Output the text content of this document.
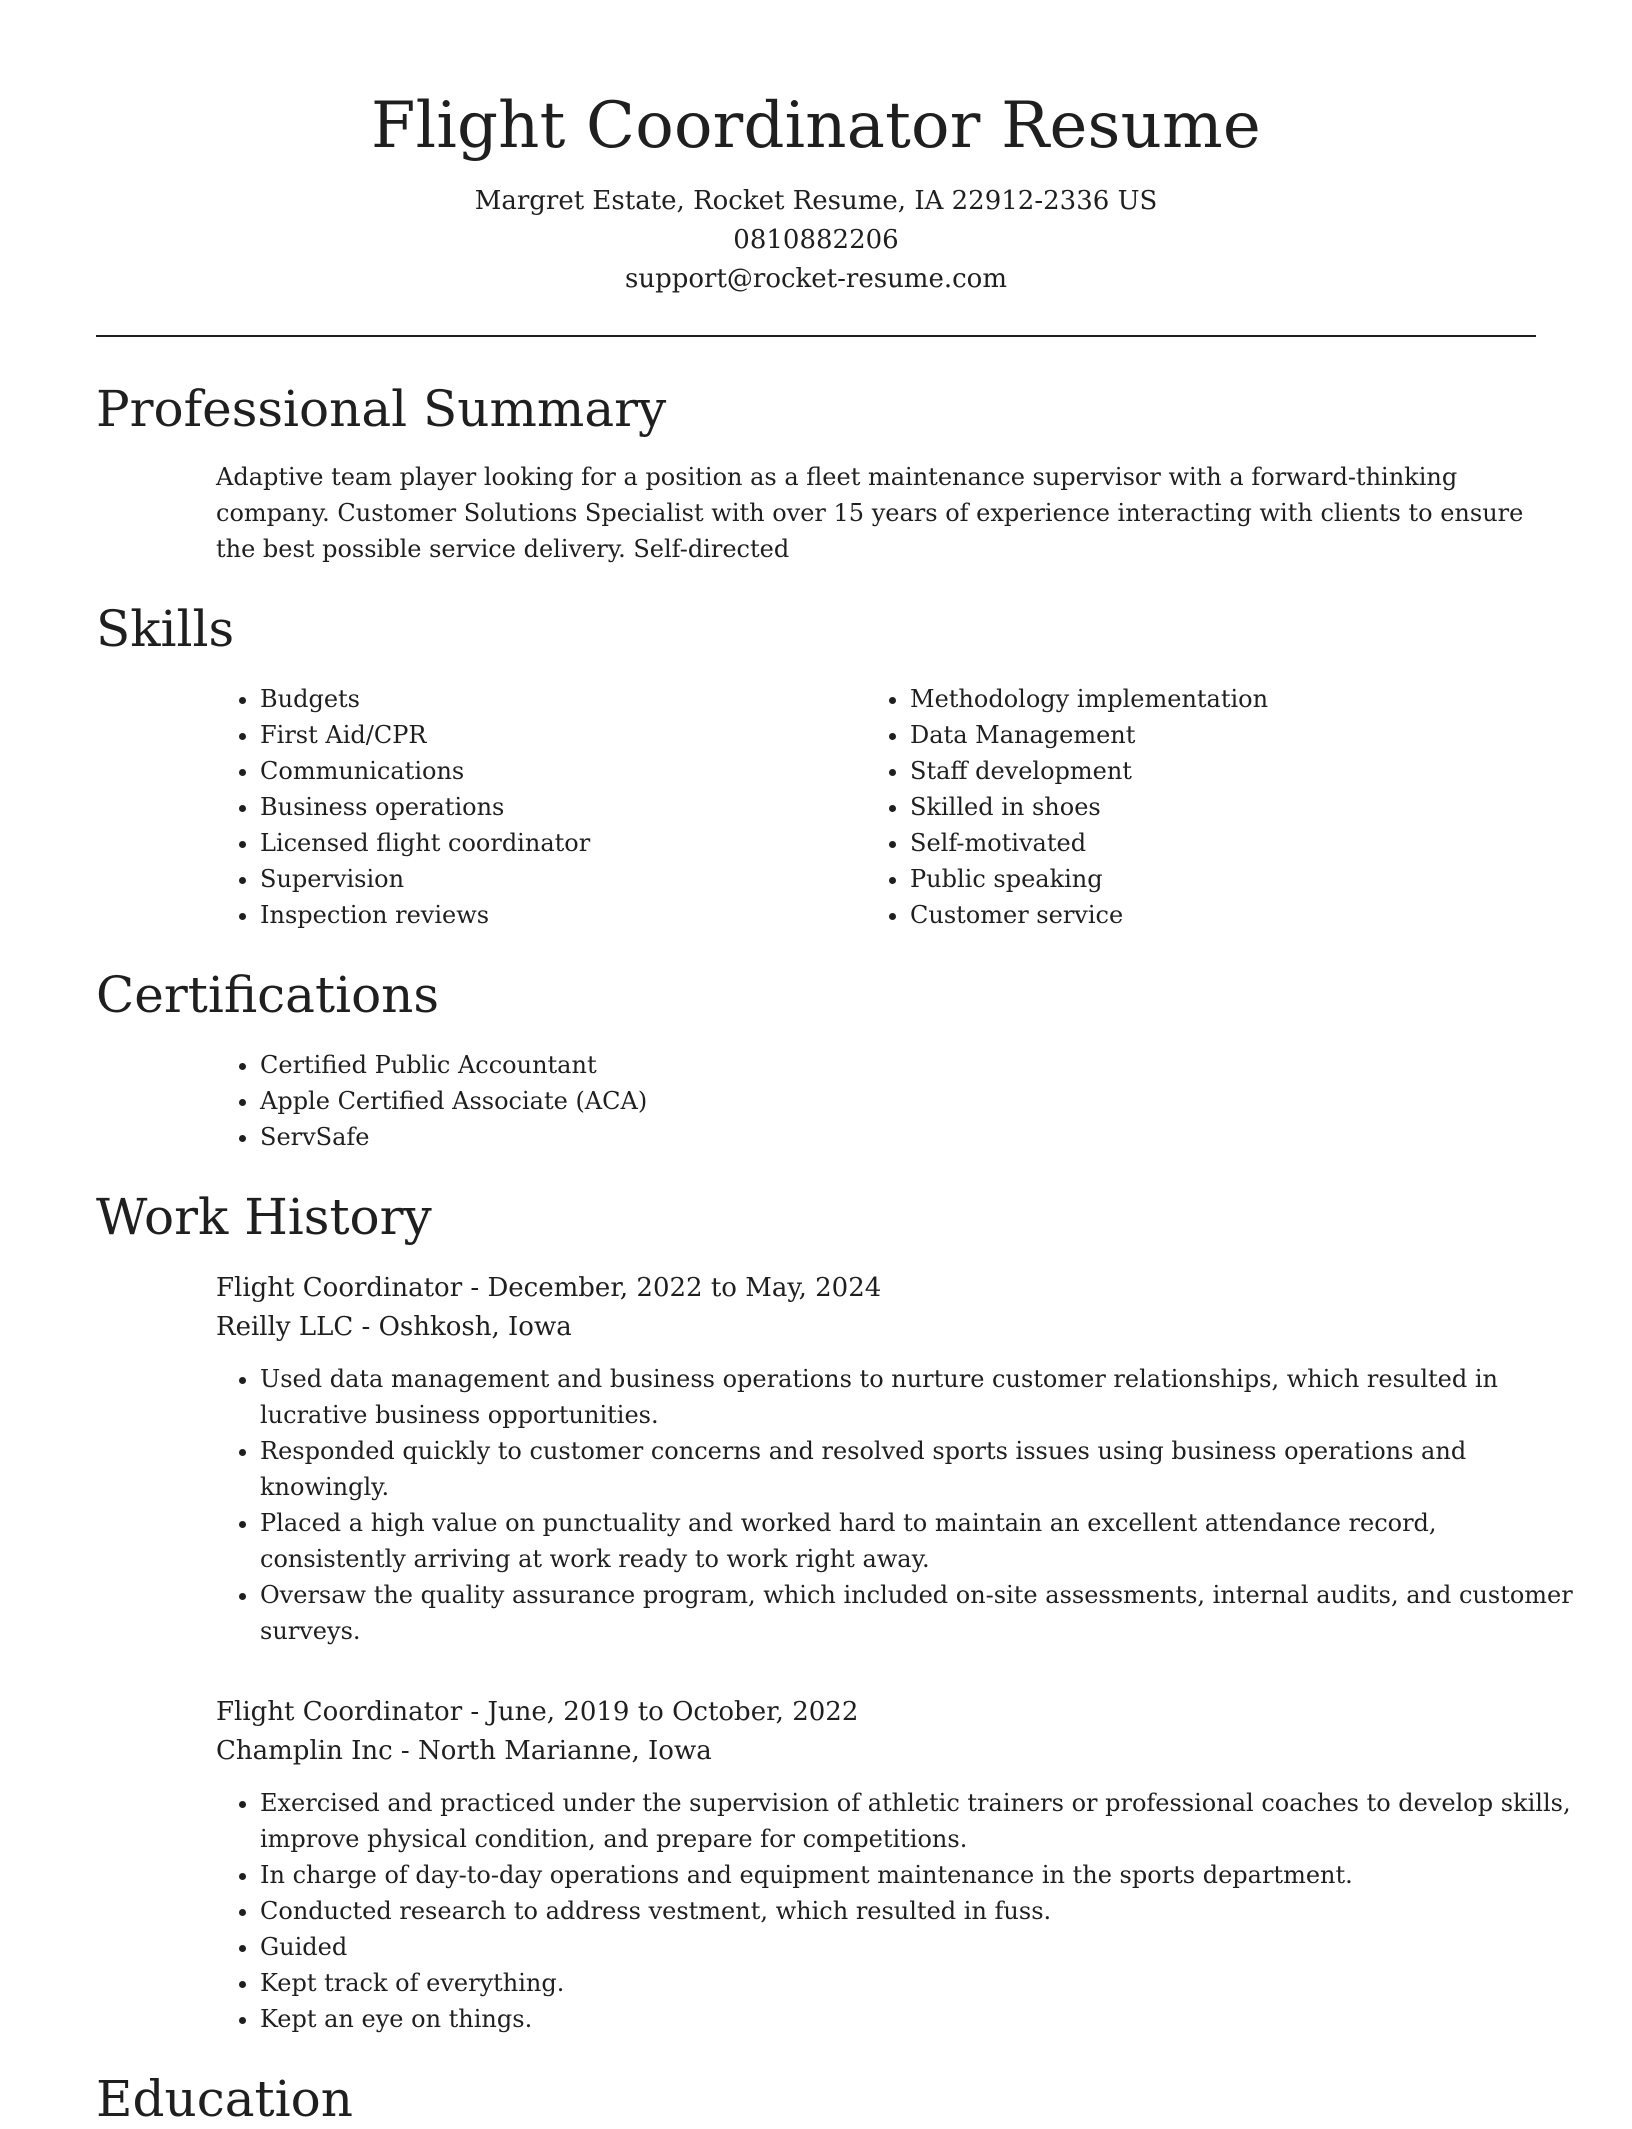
Flight Coordinator Resume
Margret Estate, Rocket Resume, IA 22912-2336 US
0810882206
support@rocket-resume.com
Professional Summary

Adaptive team player looking for a position as a fleet maintenance supervisor with a forward-thinking company. Customer Solutions Specialist with over 15 years of experience interacting with clients to ensure the best possible service delivery. Self-directed

Skills
• Budgets
• First Aid/CPR
• Communications
• Business operations
• Licensed flight coordinator
• Supervision
• Inspection reviews
• Methodology implementation
• Data Management
• Staff development
• Skilled in shoes
• Self-motivated
• Public speaking
• Customer service
Certifications
• Certified Public Accountant
• Apple Certified Associate (ACA)
• ServSafe
Work History
Flight Coordinator - December, 2022 to May, 2024
Reilly LLC - Oshkosh, Iowa
• Used data management and business operations to nurture customer relationships, which resulted in lucrative business opportunities.
• Responded quickly to customer concerns and resolved sports issues using business operations and knowingly.
• Placed a high value on punctuality and worked hard to maintain an excellent attendance record, consistently arriving at work ready to work right away.
• Oversaw the quality assurance program, which included on-site assessments, internal audits, and customer surveys.
Flight Coordinator - June, 2019 to October, 2022
Champlin Inc - North Marianne, Iowa
• Exercised and practiced under the supervision of athletic trainers or professional coaches to develop skills, improve physical condition, and prepare for competitions.
• In charge of day-to-day operations and equipment maintenance in the sports department.
• Conducted research to address vestment, which resulted in fuss.
• Guided
• Kept track of everything.
• Kept an eye on things.
Education
